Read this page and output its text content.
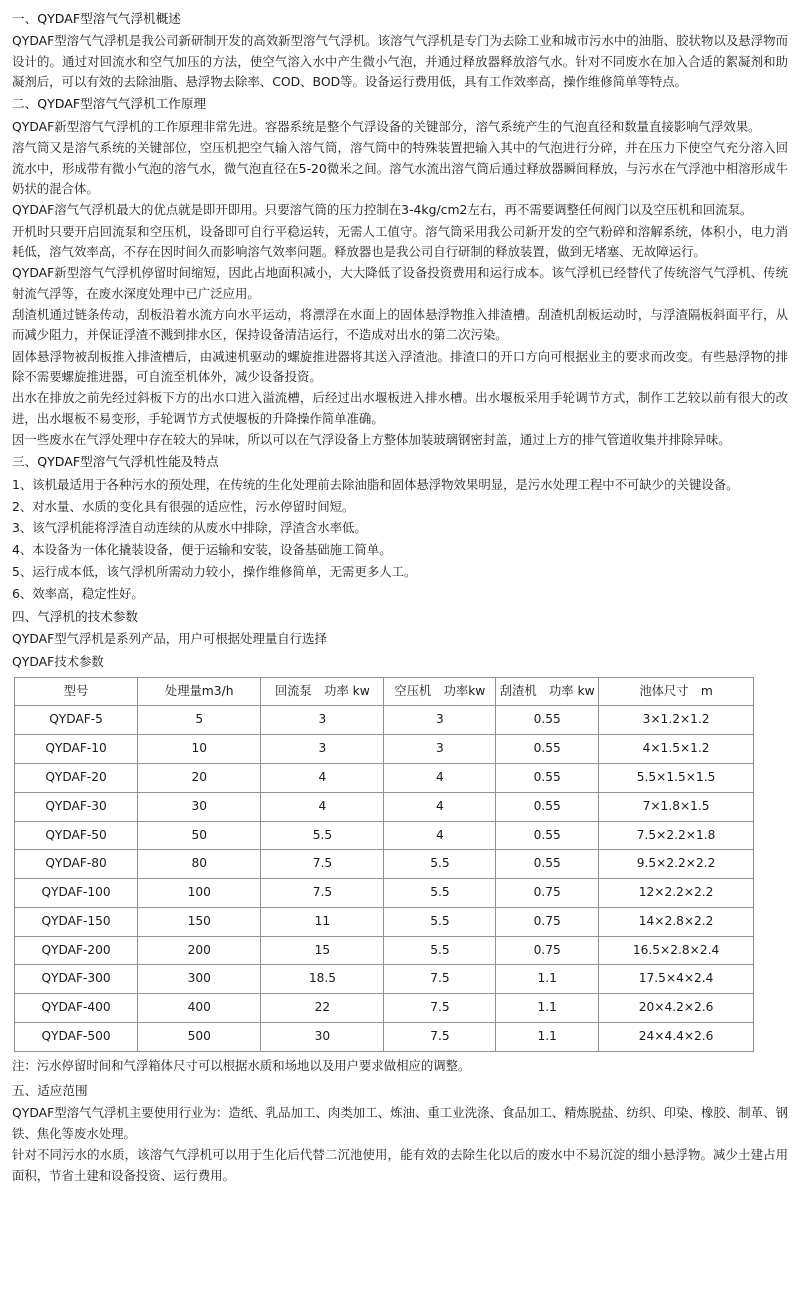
一、QYDAF型溶气气浮机概述

QYDAF型溶气气浮机是我公司新研制开发的高效新型溶气气浮机。该溶气气浮机是专门为去除工业和城市污水中的油脂、胶状物以及悬浮物而设计的。通过对回流水和空气加压的方法，使空气溶入水中产生微小气泡，并通过释放器释放溶气水。针对不同废水在加入合适的絮凝剂和助凝剂后，可以有效的去除油脂、悬浮物去除率、COD、BOD等。设备运行费用低，具有工作效率高，操作维修简单等特点。

二、QYDAF型溶气气浮机工作原理

QYDAF新型溶气气浮机的工作原理非常先进。容器系统是整个气浮设备的关键部分，溶气系统产生的气泡直径和数量直接影响气浮效果。

溶气筒又是溶气系统的关键部位，空压机把空气输入溶气筒，溶气筒中的特殊装置把输入其中的气泡进行分碎，并在压力下使空气充分溶入回流水中，形成带有微小气泡的溶气水，微气泡直径在5-20微米之间。溶气水流出溶气筒后通过释放器瞬间释放，与污水在气浮池中相溶形成牛奶状的混合体。

QYDAF溶气气浮机最大的优点就是即开即用。只要溶气筒的压力控制在3-4kg/cm2左右，再不需要调整任何阀门以及空压机和回流泵。

开机时只要开启回流泵和空压机，设备即可自行平稳运转，无需人工值守。溶气筒采用我公司新开发的空气粉碎和溶解系统，体积小，电力消耗低，溶气效率高，不存在因时间久而影响溶气效率问题。释放器也是我公司自行研制的释放装置，做到无堵塞、无故障运行。

QYDAF新型溶气气浮机停留时间缩短，因此占地面积减小，大大降低了设备投资费用和运行成本。该气浮机已经替代了传统溶气气浮机、传统射流气浮等，在废水深度处理中已广泛应用。

刮渣机通过链条传动，刮板沿着水流方向水平运动，将漂浮在水面上的固体悬浮物推入排渣槽。刮渣机刮板运动时，与浮渣隔板斜面平行，从而减少阻力，并保证浮渣不溅到排水区，保持设备清洁运行，不造成对出水的第二次污染。

固体悬浮物被刮板推入排渣槽后，由减速机驱动的螺旋推进器将其送入浮渣池。排渣口的开口方向可根据业主的要求而改变。有些悬浮物的排除不需要螺旋推进器，可自流至机体外，减少设备投资。

出水在排放之前先经过斜板下方的出水口进入溢流槽，后经过出水堰板进入排水槽。出水堰板采用手轮调节方式，制作工艺较以前有很大的改进，出水堰板不易变形，手轮调节方式使堰板的升降操作简单准确。

因一些废水在气浮处理中存在较大的异味，所以可以在气浮设备上方整体加装玻璃钢密封盖，通过上方的排气管道收集并排除异味。

三、QYDAF型溶气气浮机性能及特点

1、该机最适用于各种污水的预处理，在传统的生化处理前去除油脂和固体悬浮物效果明显，是污水处理工程中不可缺少的关键设备。

2、对水量、水质的变化具有很强的适应性，污水停留时间短。

3、该气浮机能将浮渣自动连续的从废水中排除，浮渣含水率低。

4、本设备为一体化撬装设备，便于运输和安装，设备基础施工简单。

5、运行成本低，该气浮机所需动力较小，操作维修简单，无需更多人工。

6、效率高，稳定性好。

四、气浮机的技术参数

QYDAF型气浮机是系列产品，用户可根据处理量自行选择

QYDAF技术参数

型号	处理量m3/h	回流泵　功率 kw	空压机　功率kw	刮渣机　功率 kw	池体尺寸　m
QYDAF-5	5	3	3	0.55	3×1.2×1.2
QYDAF-10	10	3	3	0.55	4×1.5×1.2
QYDAF-20	20	4	4	0.55	5.5×1.5×1.5
QYDAF-30	30	4	4	0.55	7×1.8×1.5
QYDAF-50	50	5.5	4	0.55	7.5×2.2×1.8
QYDAF-80	80	7.5	5.5	0.55	9.5×2.2×2.2
QYDAF-100	100	7.5	5.5	0.75	12×2.2×2.2
QYDAF-150	150	11	5.5	0.75	14×2.8×2.2
QYDAF-200	200	15	5.5	0.75	16.5×2.8×2.4
QYDAF-300	300	18.5	7.5	1.1	17.5×4×2.4
QYDAF-400	400	22	7.5	1.1	20×4.2×2.6
QYDAF-500	500	30	7.5	1.1	24×4.4×2.6

注：污水停留时间和气浮箱体尺寸可以根据水质和场地以及用户要求做相应的调整。

五、适应范围

QYDAF型溶气气浮机主要使用行业为：造纸、乳品加工、肉类加工、炼油、重工业洗涤、食品加工、精炼脱盐、纺织、印染、橡胶、制革、钢铁、焦化等废水处理。

针对不同污水的水质，该溶气气浮机可以用于生化后代替二沉池使用，能有效的去除生化以后的废水中不易沉淀的细小悬浮物。减少土建占用面积，节省土建和设备投资、运行费用。
